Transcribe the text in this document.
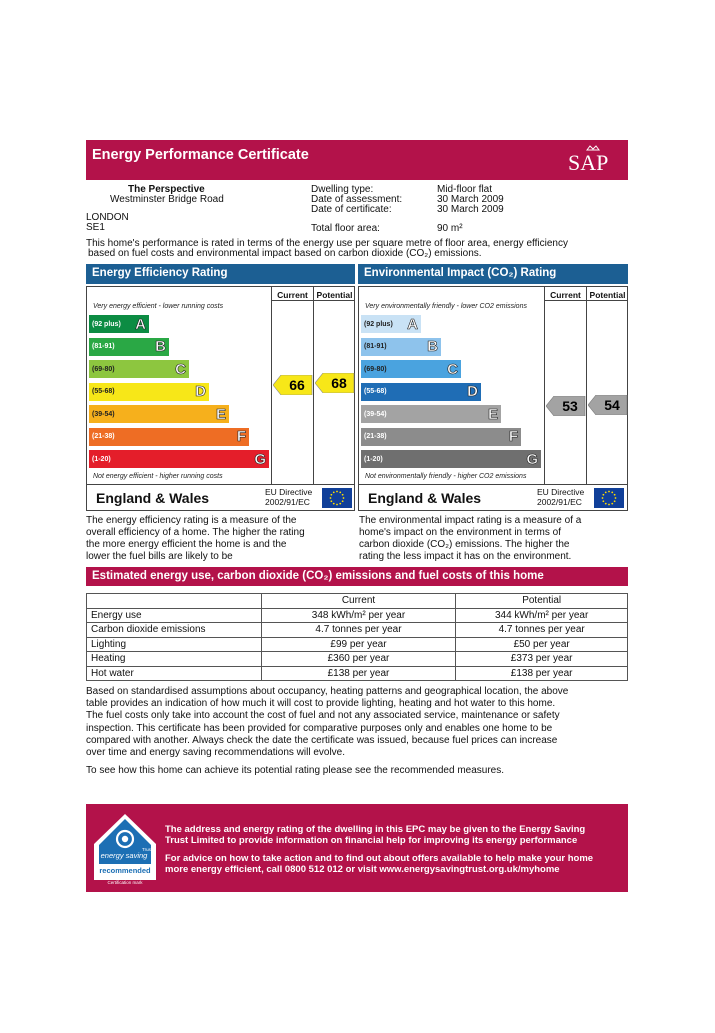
Energy Performance Certificate	SAP
The Perspective
Westminster Bridge Road
LONDON
SE1
Dwelling type:	Mid-floor flat
Date of assessment:	30 March 2009
Date of certificate:	30 March 2009
Total floor area:	90 m²
This home's performance is rated in terms of the energy use per square metre of floor area, energy efficiency
based on fuel costs and environmental impact based on carbon dioxide (CO₂) emissions.
Energy Efficiency Rating
Current	Potential
Very energy efficient - lower running costs
(92 plus) A
(81-91)	B
(69-80)	C
(55-68)	D
(39-54)	E
(21-38)	F
(1-20)	G
Not energy efficient - higher running costs
66 68
England & Wales	EU Directive
2002/91/EC
Environmental Impact (CO₂) Rating
Current	Potential
Very environmentally friendly - lower CO2 emissions
(92 plus) A
(81-91)	B
(69-80)	C
(55-68)	D
(39-54)	E
(21-38)	F
(1-20)	G
Not environmentally friendly - higher CO2 emissions
53 54
England & Wales	EU Directive
2002/91/EC
The energy efficiency rating is a measure of the
overall efficiency of a home. The higher the rating
the more energy efficient the home is and the
lower the fuel bills are likely to be
The environmental impact rating is a measure of a
home's impact on the environment in terms of
carbon dioxide (CO₂) emissions. The higher the
rating the less impact it has on the environment.
Estimated energy use, carbon dioxide (CO₂) emissions and fuel costs of this home
	Current	Potential
Energy use	348 kWh/m² per year	344 kWh/m² per year
Carbon dioxide emissions	4.7 tonnes per year	4.7 tonnes per year
Lighting	£99 per year	£50 per year
Heating	£360 per year	£373 per year
Hot water	£138 per year	£138 per year
Based on standardised assumptions about occupancy, heating patterns and geographical location, the above
table provides an indication of how much it will cost to provide lighting, heating and hot water to this home.
The fuel costs only take into account the cost of fuel and not any associated service, maintenance or safety
inspection. This certificate has been provided for comparative purposes only and enables one home to be
compared with another. Always check the date the certificate was issued, because fuel prices can increase
over time and energy saving recommendations will evolve.
To see how this home can achieve its potential rating please see the recommended measures.
energy saving
Trust
recommended
Certification mark
The address and energy rating of the dwelling in this EPC may be given to the Energy Saving
Trust Limited to provide information on financial help for improving its energy performance
For advice on how to take action and to find out about offers available to help make your home
more energy efficient, call 0800 512 012 or visit www.energysavingtrust.org.uk/myhome
